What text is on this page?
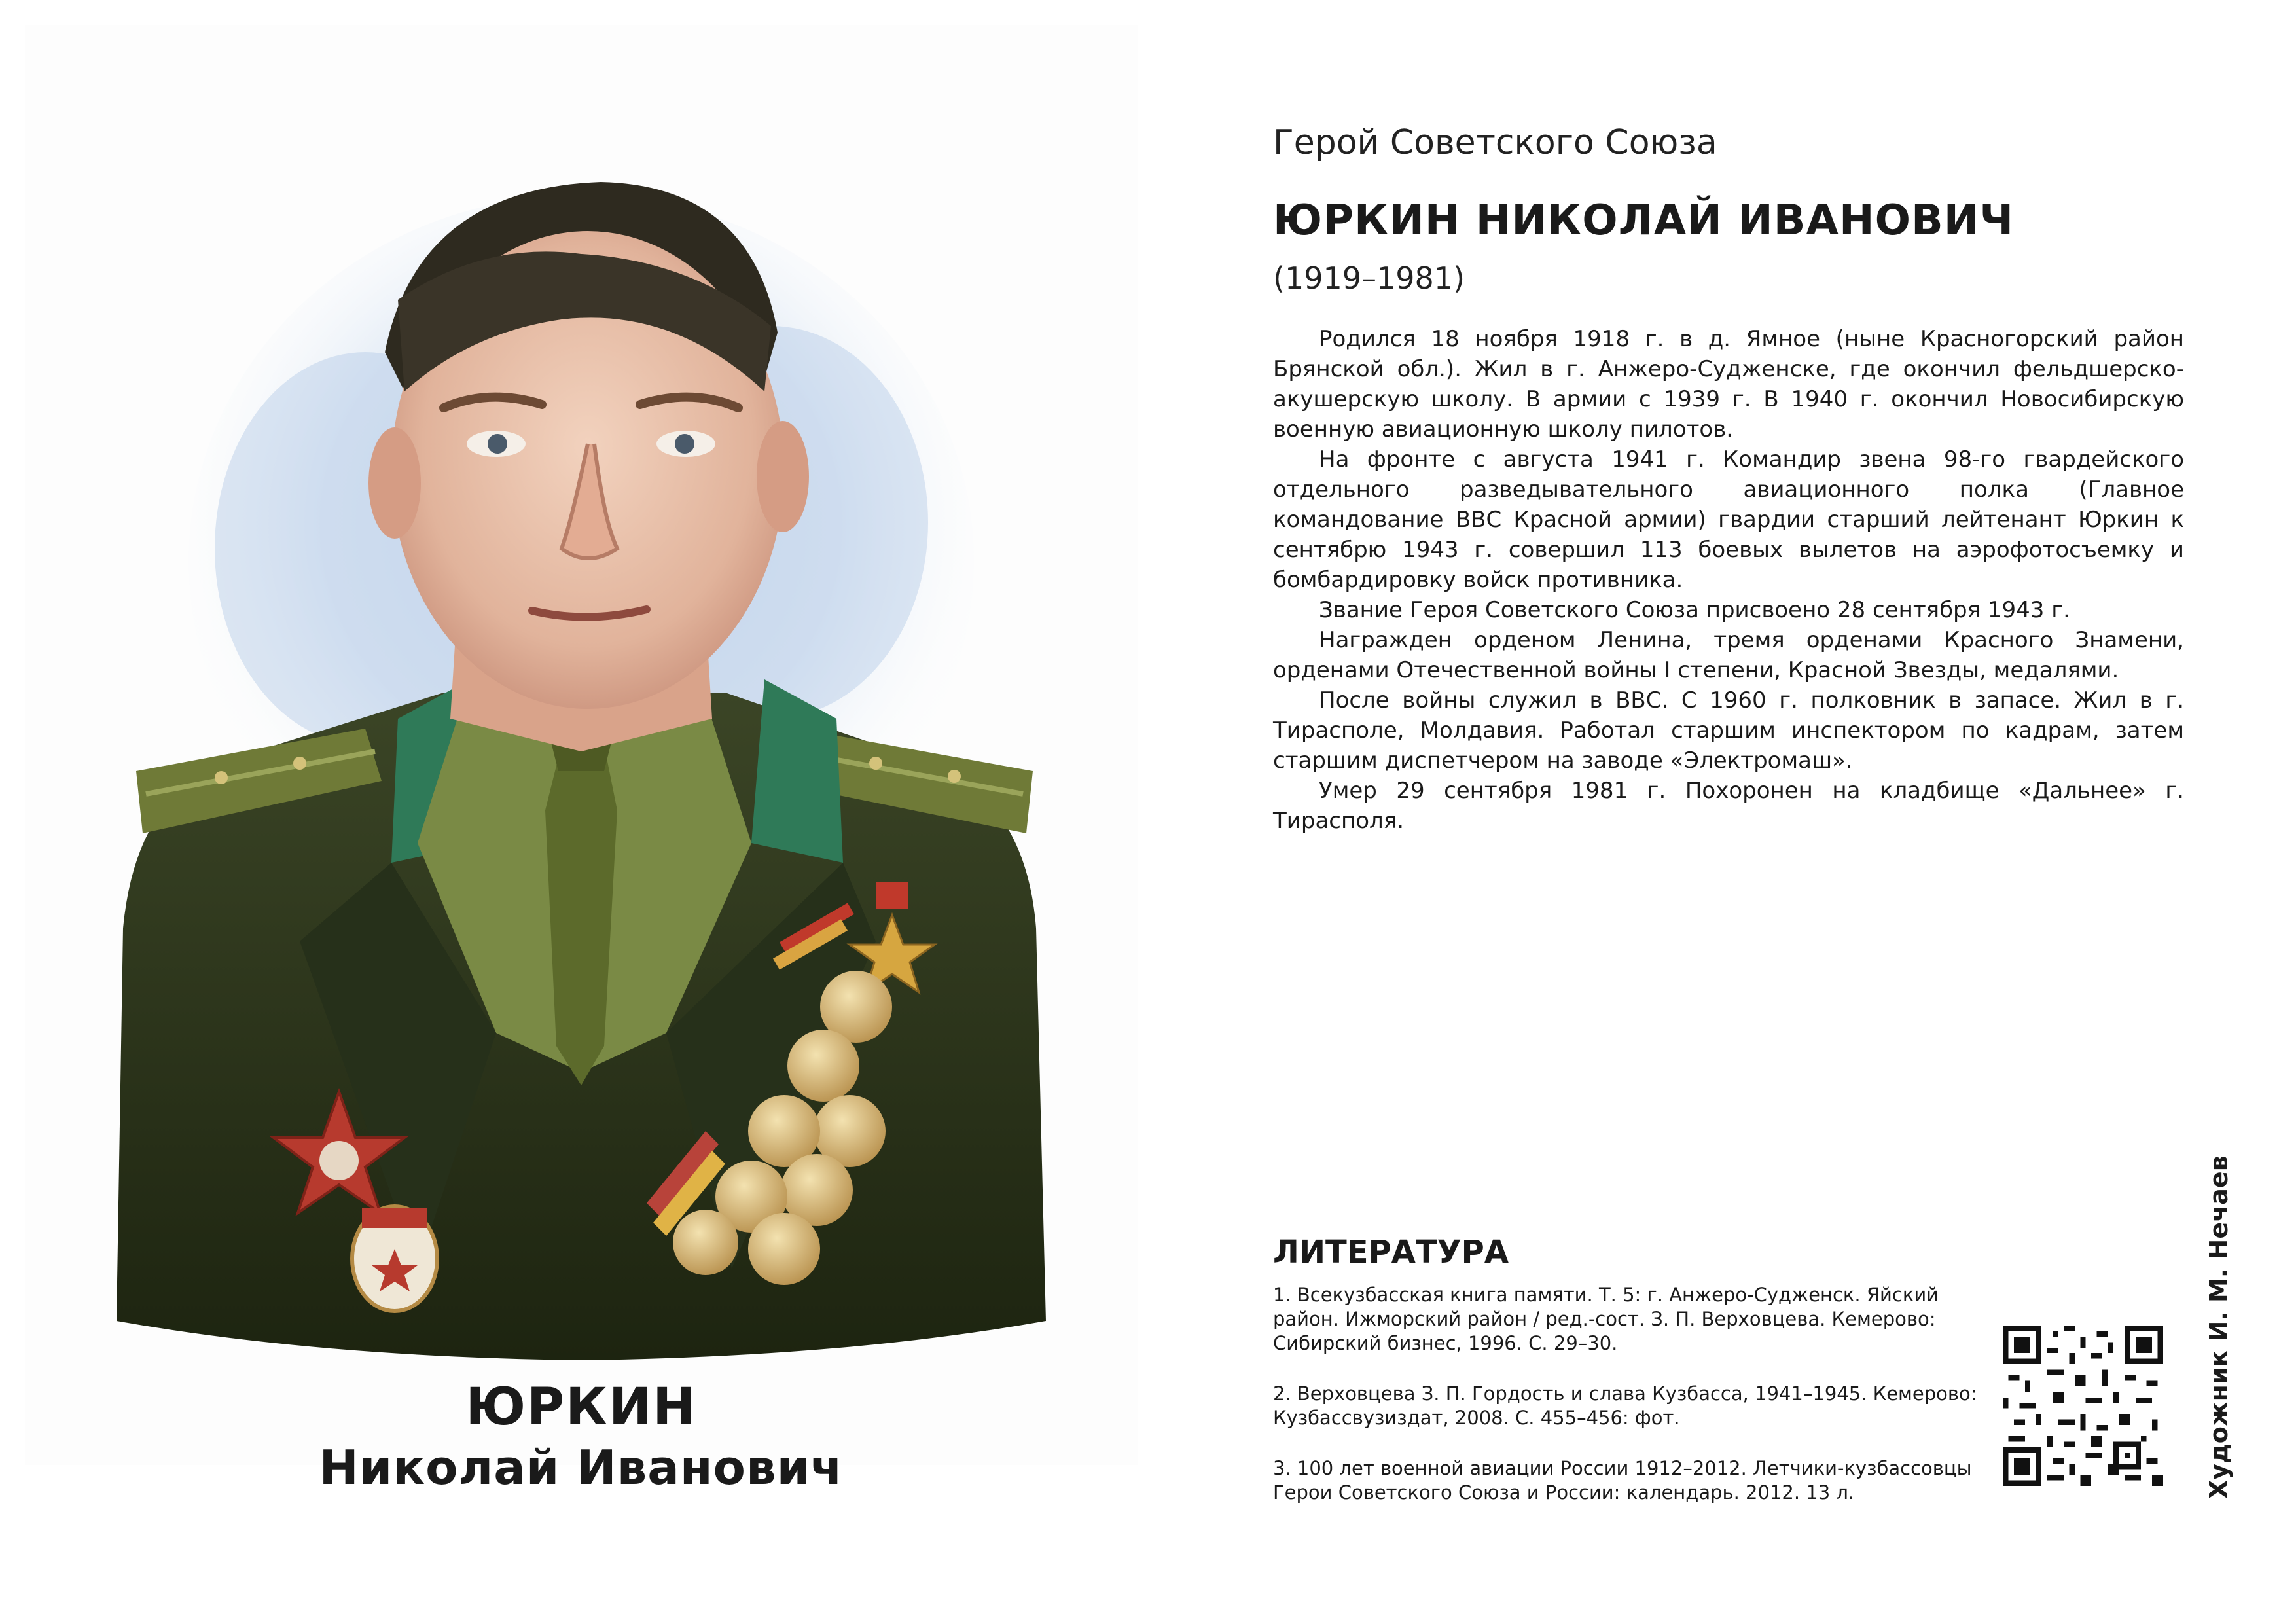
ЮРКИН
Николай Иванович
Герой Советского Союза
ЮРКИН НИКОЛАЙ ИВАНОВИЧ
(1919–1981)

Родился 18 ноября 1918 г. в д. Ямное (ныне Красногорский район Брянской обл.). Жил в г. Анжеро-Судженске, где окончил фельдшерско-акушерскую школу. В армии с 1939 г. В 1940 г. окончил Новосибирскую военную авиационную школу пилотов.

На фронте с августа 1941 г. Командир звена 98-го гвардейского отдельного разведывательного авиационного полка (Главное командование ВВС Красной армии) гвардии старший лейтенант Юркин к сентябрю 1943 г. совершил 113 боевых вылетов на аэрофотосъемку и бомбардировку войск противника.

Звание Героя Советского Союза присвоено 28 сентября 1943 г.

Награжден орденом Ленина, тремя орденами Красного Знамени, орденами Отечественной войны I степени, Красной Звезды, медалями.

После войны служил в ВВС. С 1960 г. полковник в запасе. Жил в г. Тирасполе, Молдавия. Работал старшим инспектором по кадрам, затем старшим диспетчером на заводе «Электромаш».

Умер 29 сентября 1981 г. Похоронен на кладбище «Дальнее» г. Тирасполя.

ЛИТЕРАТУРА

1. Всекузбасская книга памяти. Т. 5: г. Анжеро-Судженск. Яйский район. Ижморский район / ред.-сост. З. П. Верховцева. Кемерово: Сибирский бизнес, 1996. С. 29–30.

2. Верховцева З. П. Гордость и слава Кузбасса, 1941–1945. Кемерово: Кузбассвузиздат, 2008. С. 455–456: фот.

3. 100 лет военной авиации России 1912–2012. Летчики-кузбассовцы Герои Советского Союза и России: календарь. 2012. 13 л.	Художник И. М. Нечаев
